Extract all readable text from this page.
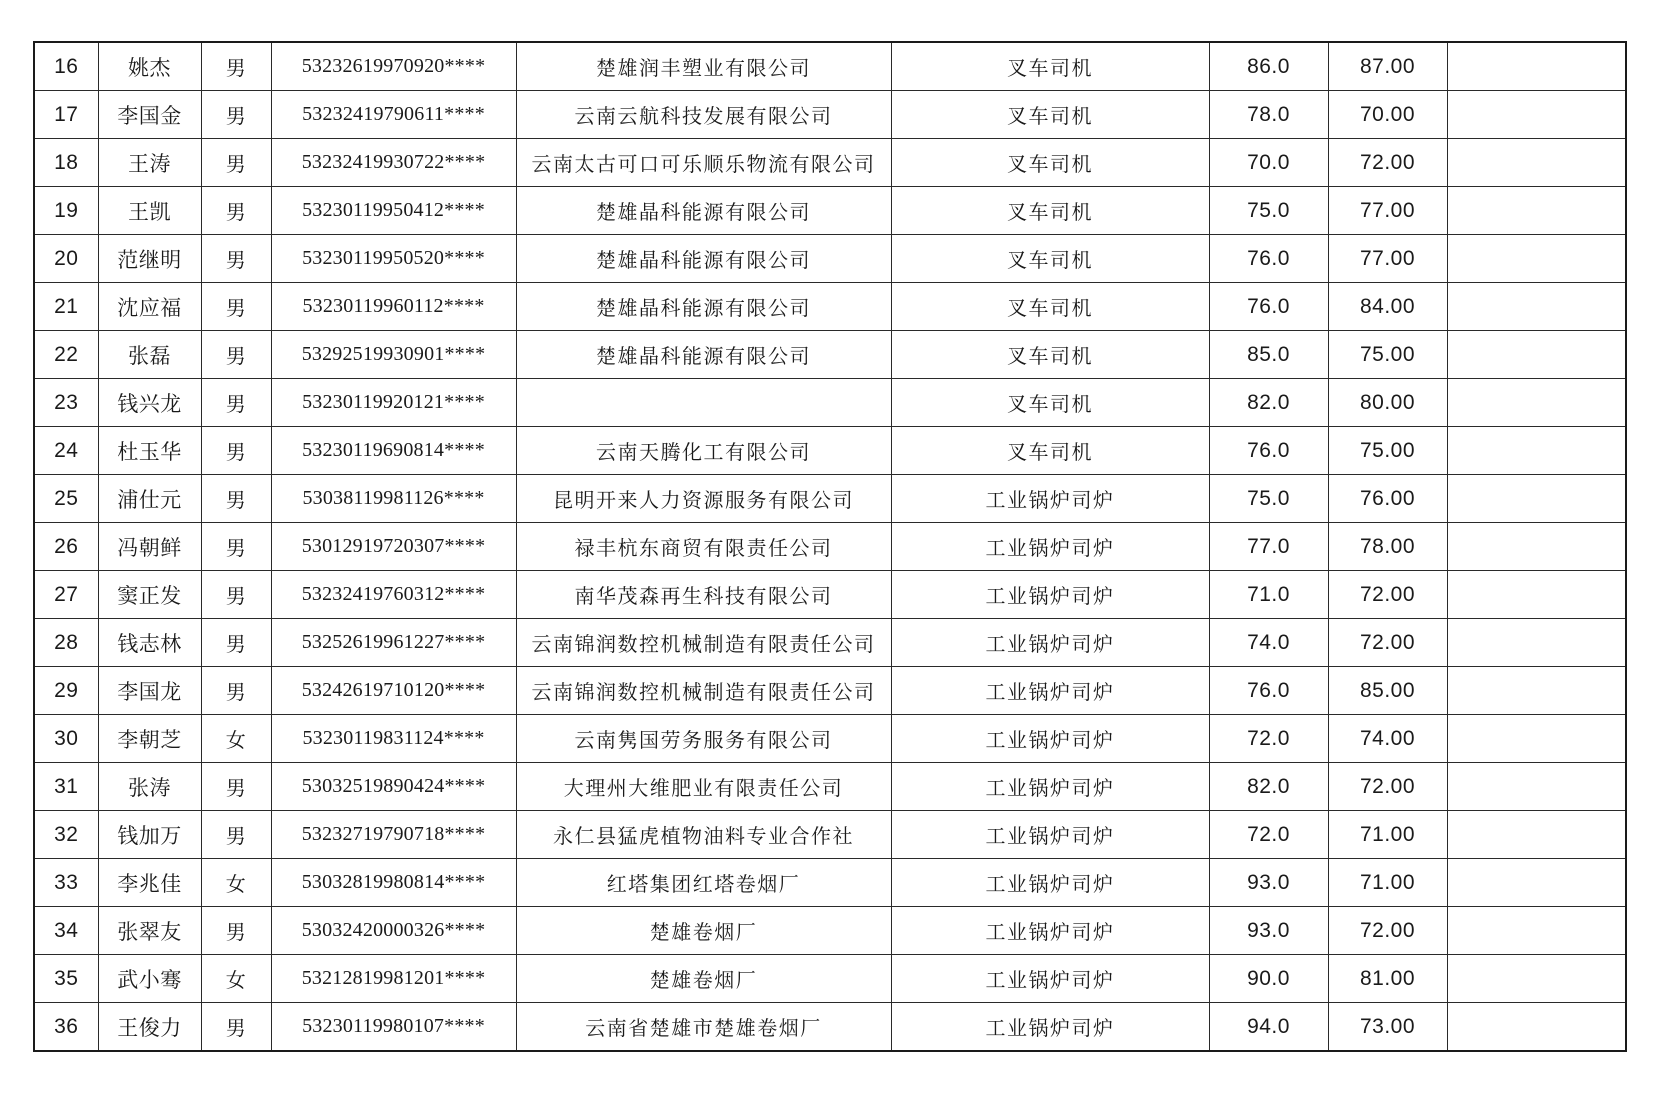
16	姚杰	男	53232619970920****	楚雄润丰塑业有限公司	叉车司机	86.0	87.00	
17	李国金	男	53232419790611****	云南云航科技发展有限公司	叉车司机	78.0	70.00	
18	王涛	男	53232419930722****	云南太古可口可乐顺乐物流有限公司	叉车司机	70.0	72.00	
19	王凯	男	53230119950412****	楚雄晶科能源有限公司	叉车司机	75.0	77.00	
20	范继明	男	53230119950520****	楚雄晶科能源有限公司	叉车司机	76.0	77.00	
21	沈应福	男	53230119960112****	楚雄晶科能源有限公司	叉车司机	76.0	84.00	
22	张磊	男	53292519930901****	楚雄晶科能源有限公司	叉车司机	85.0	75.00	
23	钱兴龙	男	53230119920121****		叉车司机	82.0	80.00	
24	杜玉华	男	53230119690814****	云南天腾化工有限公司	叉车司机	76.0	75.00	
25	浦仕元	男	53038119981126****	昆明开来人力资源服务有限公司	工业锅炉司炉	75.0	76.00	
26	冯朝鲜	男	53012919720307****	禄丰杭东商贸有限责任公司	工业锅炉司炉	77.0	78.00	
27	窦正发	男	53232419760312****	南华茂森再生科技有限公司	工业锅炉司炉	71.0	72.00	
28	钱志林	男	53252619961227****	云南锦润数控机械制造有限责任公司	工业锅炉司炉	74.0	72.00	
29	李国龙	男	53242619710120****	云南锦润数控机械制造有限责任公司	工业锅炉司炉	76.0	85.00	
30	李朝芝	女	53230119831124****	云南隽国劳务服务有限公司	工业锅炉司炉	72.0	74.00	
31	张涛	男	53032519890424****	大理州大维肥业有限责任公司	工业锅炉司炉	82.0	72.00	
32	钱加万	男	53232719790718****	永仁县猛虎植物油料专业合作社	工业锅炉司炉	72.0	71.00	
33	李兆佳	女	53032819980814****	红塔集团红塔卷烟厂	工业锅炉司炉	93.0	71.00	
34	张翠友	男	53032420000326****	楚雄卷烟厂	工业锅炉司炉	93.0	72.00	
35	武小骞	女	53212819981201****	楚雄卷烟厂	工业锅炉司炉	90.0	81.00	
36	王俊力	男	53230119980107****	云南省楚雄市楚雄卷烟厂	工业锅炉司炉	94.0	73.00	
